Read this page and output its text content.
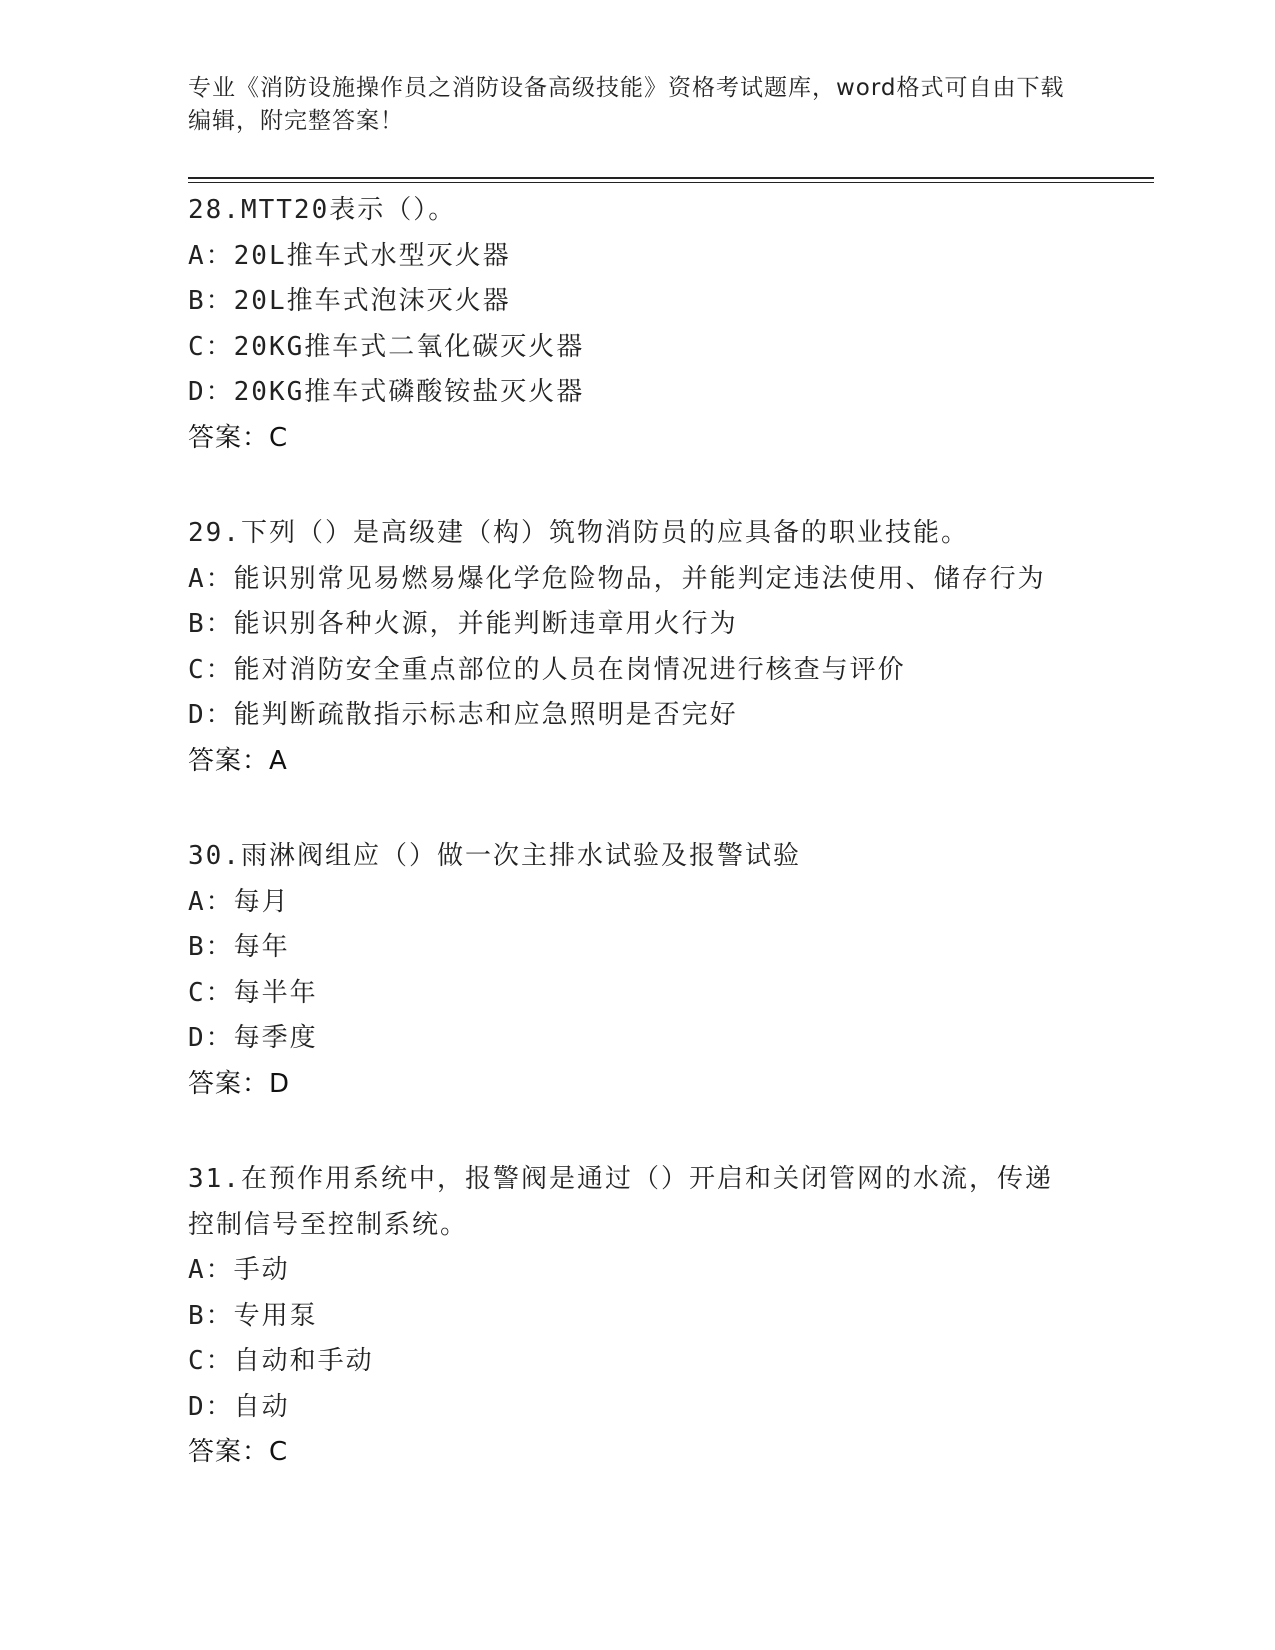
专业《消防设施操作员之消防设备高级技能》资格考试题库，word格式可自由下载编辑，附完整答案！
28.MTT20表示（）。
A：20L推车式水型灭火器
B：20L推车式泡沫灭火器
C：20KG推车式二氧化碳灭火器
D：20KG推车式磷酸铵盐灭火器
答案：C
29.下列（）是高级建（构）筑物消防员的应具备的职业技能。
A：能识别常见易燃易爆化学危险物品，并能判定违法使用、储存行为
B：能识别各种火源，并能判断违章用火行为
C：能对消防安全重点部位的人员在岗情况进行核查与评价
D：能判断疏散指示标志和应急照明是否完好
答案：A
30.雨淋阀组应（）做一次主排水试验及报警试验
A：每月
B：每年
C：每半年
D：每季度
答案：D
31.在预作用系统中，报警阀是通过（）开启和关闭管网的水流，传递控制信号至控制系统。
A：手动
B：专用泵
C：自动和手动
D：自动
答案：C
